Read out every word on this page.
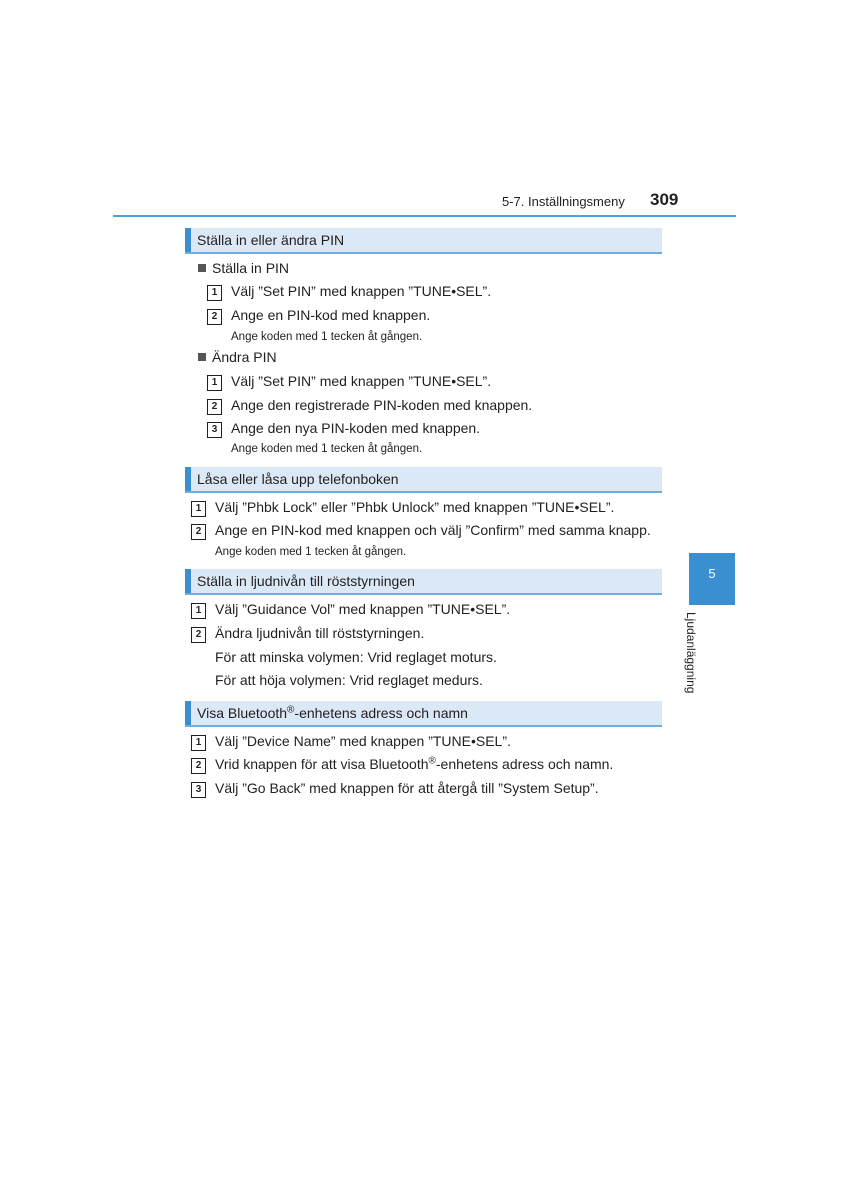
5-7. Inställningsmeny 309
Ställa in eller ändra PIN
Ställa in PIN
1 Välj ”Set PIN” med knappen ”TUNE•SEL”.
2 Ange en PIN-kod med knappen.
Ange koden med 1 tecken åt gången.
Ändra PIN
1 Välj ”Set PIN” med knappen ”TUNE•SEL”.
2 Ange den registrerade PIN-koden med knappen.
3 Ange den nya PIN-koden med knappen.
Ange koden med 1 tecken åt gången.
Låsa eller låsa upp telefonboken
1 Välj ”Phbk Lock” eller ”Phbk Unlock” med knappen ”TUNE•SEL”.
2 Ange en PIN-kod med knappen och välj ”Confirm” med samma knapp.
Ange koden med 1 tecken åt gången.
Ställa in ljudnivån till röststyrningen
1 Välj ”Guidance Vol” med knappen ”TUNE•SEL”.
2 Ändra ljudnivån till röststyrningen.
För att minska volymen: Vrid reglaget moturs.
För att höja volymen: Vrid reglaget medurs.
Visa Bluetooth®-enhetens adress och namn
1 Välj ”Device Name” med knappen ”TUNE•SEL”.
2 Vrid knappen för att visa Bluetooth®-enhetens adress och namn.
3 Välj ”Go Back” med knappen för att återgå till ”System Setup”.
5
Ljudanläggning
